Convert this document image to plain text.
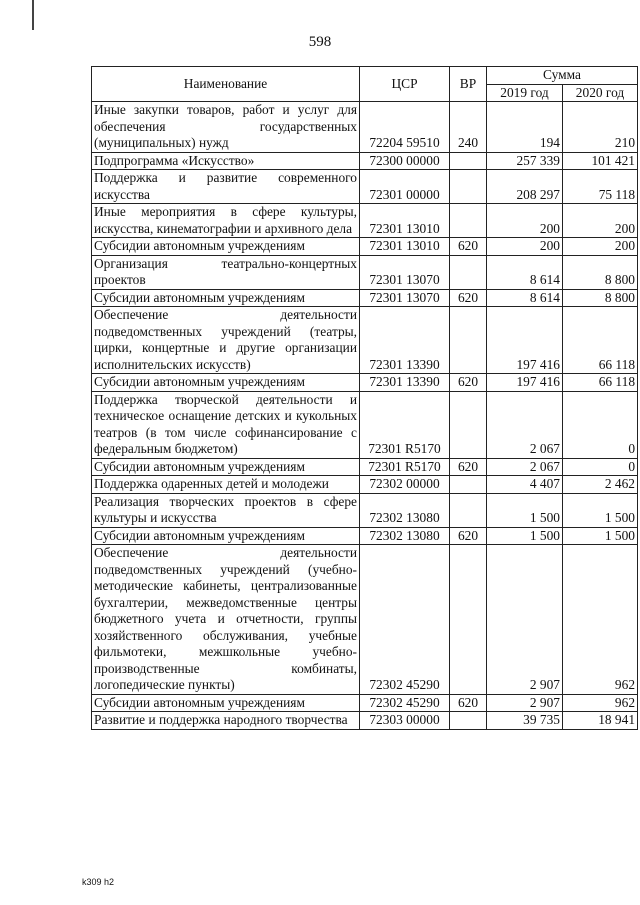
598
Наименование	ЦСР	ВР	Сумма	
			2019 год	2020 год
Иные закупки товаров, работ и услуг для обеспечения государственных (муниципальных) нужд	72204 59510	240	194	210
Подпрограмма «Искусство»	72300 00000		257 339	101 421
Поддержка и развитие современного искусства	72301 00000		208 297	75 118
Иные мероприятия в сфере культуры, искусства, кинематографии и архивного дела	72301 13010		200	200
Субсидии автономным учреждениям	72301 13010	620	200	200
Организация театрально-концертных проектов	72301 13070		8 614	8 800
Субсидии автономным учреждениям	72301 13070	620	8 614	8 800
Обеспечение деятельности подведомственных учреждений (театры, цирки, концертные и другие организации исполнительских искусств)	72301 13390		197 416	66 118
Субсидии автономным учреждениям	72301 13390	620	197 416	66 118
Поддержка творческой деятельности и техническое оснащение детских и кукольных театров (в том числе софинансирование с федеральным бюджетом)	72301 R5170		2 067	0
Субсидии автономным учреждениям	72301 R5170	620	2 067	0
Поддержка одаренных детей и молодежи	72302 00000		4 407	2 462
Реализация творческих проектов в сфере культуры и искусства	72302 13080		1 500	1 500
Субсидии автономным учреждениям	72302 13080	620	1 500	1 500
Обеспечение деятельности подведомственных учреждений (учебно-методические кабинеты, централизованные бухгалтерии, межведомственные центры бюджетного учета и отчетности, группы хозяйственного обслуживания, учебные фильмотеки, межшкольные учебно-производственные комбинаты, логопедические пункты)	72302 45290		2 907	962
Субсидии автономным учреждениям	72302 45290	620	2 907	962
Развитие и поддержка народного творчества	72303 00000		39 735	18 941
k309 h2
